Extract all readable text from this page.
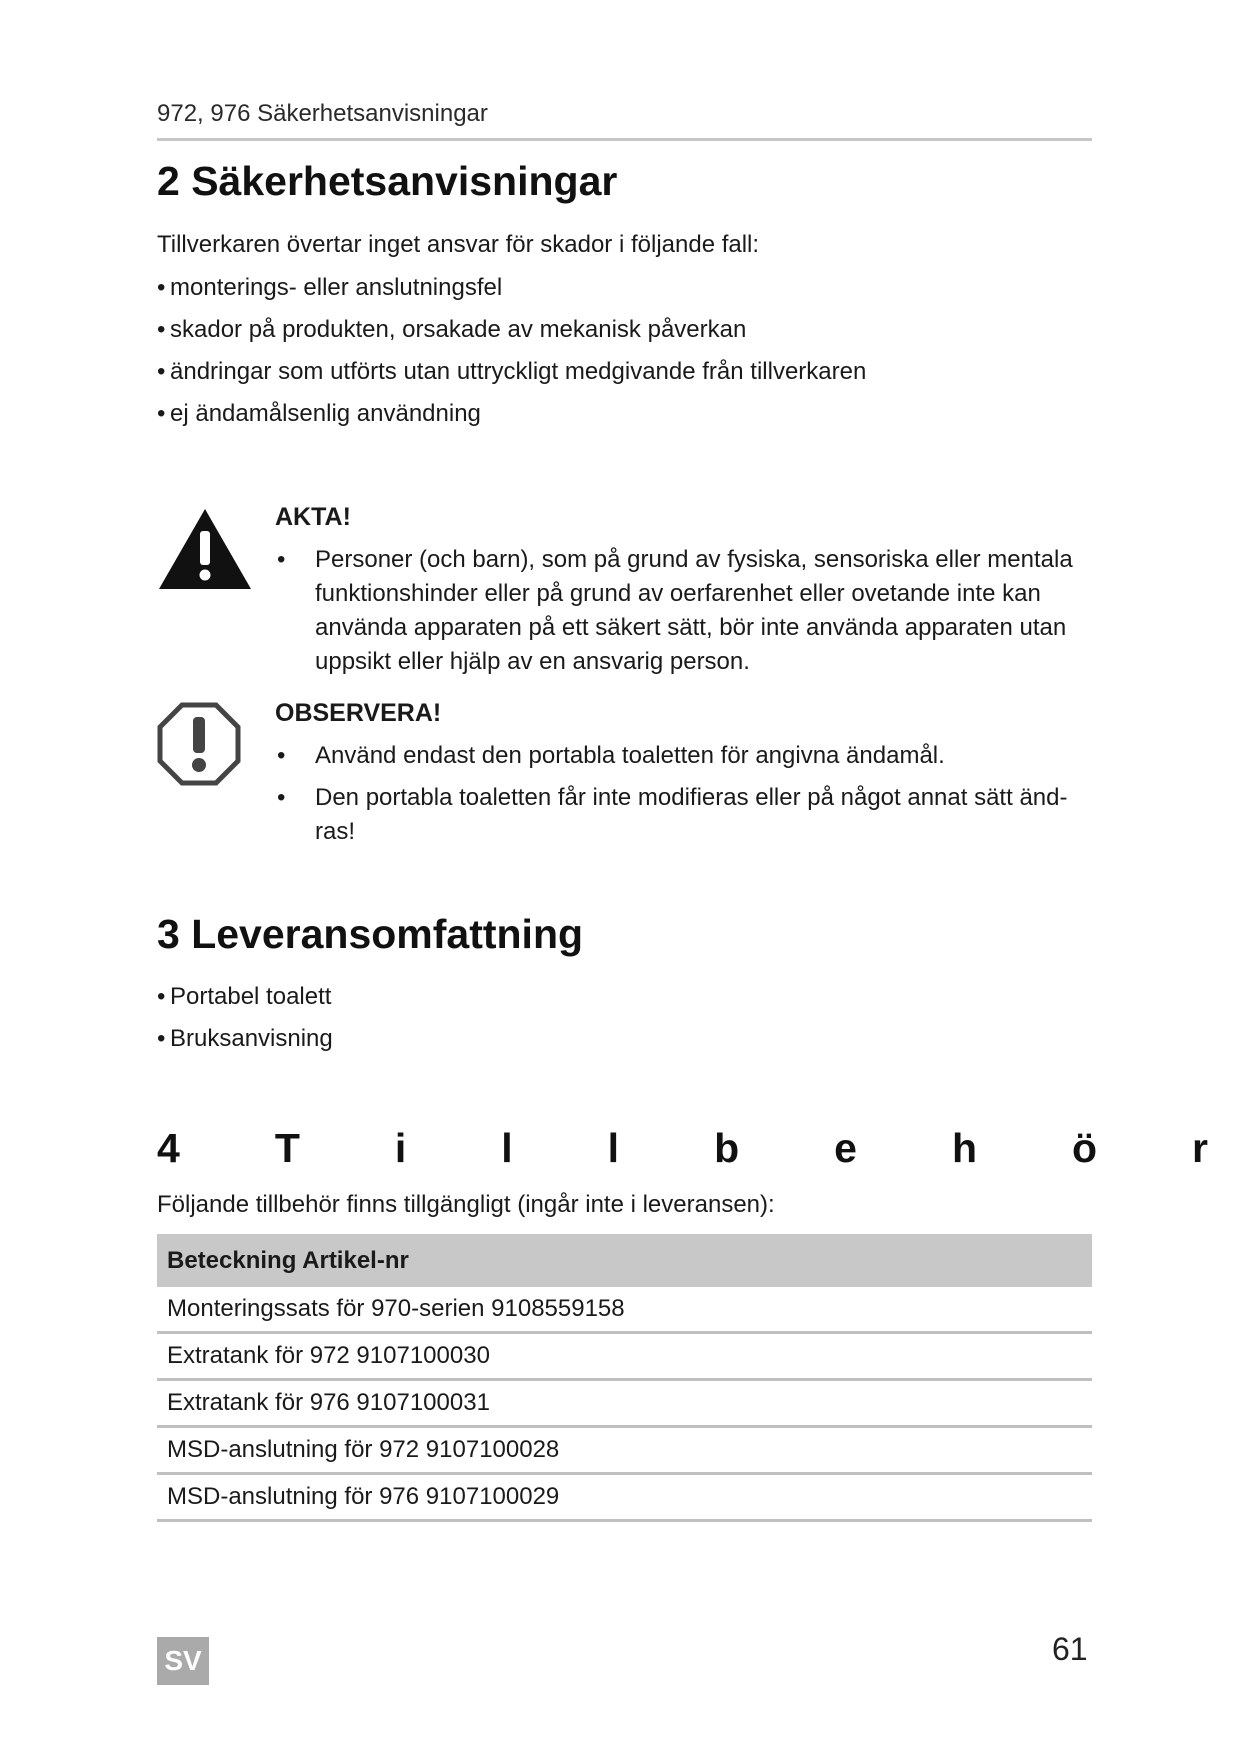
972, 976 Säkerhetsanvisningar
2 Säkerhetsanvisningar

Tillverkaren övertar inget ansvar för skador i följande fall:

• monterings- eller anslutningsfel
• skador på produkten, orsakade av mekanisk påverkan
• ändringar som utförts utan uttryckligt medgivande från tillverkaren
• ej ändamålsenlig användning

AKTA!

• Personer (och barn), som på grund av fysiska, sensoriska eller mentala funktionshinder eller på grund av oerfarenhet eller ovetande inte kan använda apparaten på ett säkert sätt, bör inte använda apparaten utan uppsikt eller hjälp av en ansvarig person.

OBSERVERA!

• Använd endast den portabla toaletten för angivna ändamål.
• Den portabla toaletten får inte modifieras eller på något annat sätt änd-ras!
3 Leveransomfattning
• Portabel toalett
• Bruksanvisning
4 T i l l b e h ö r

Följande tillbehör finns tillgängligt (ingår inte i leveransen):

Beteckning Artikel-nr
Monteringssats för 970-serien 9108559158
Extratank för 972 9107100030
Extratank för 976 9107100031
MSD-anslutning för 972 9107100028
MSD-anslutning för 976 9107100029
SV	61
